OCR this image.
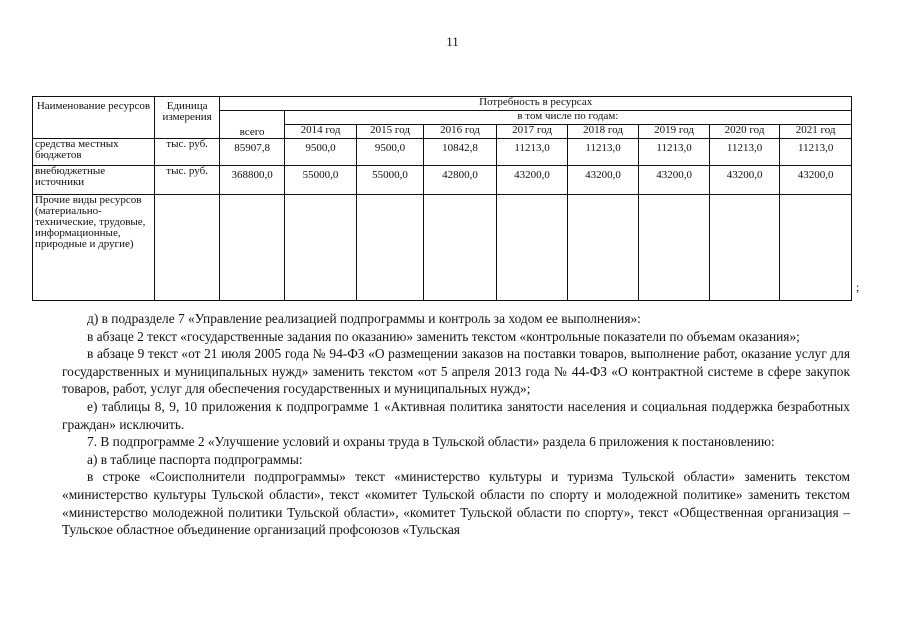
11
Наименование ресурсов	Единица измерения	Потребность в ресурсах								
		всего	в том числе по годам:							
			2014 год	2015 год	2016 год	2017 год	2018 год	2019 год	2020 год	2021 год
средства местных бюджетов	тыс. руб.	85907,8	9500,0	9500,0	10842,8	11213,0	11213,0	11213,0	11213,0	11213,0
внебюджетные источники	тыс. руб.	368800,0	55000,0	55000,0	42800,0	43200,0	43200,0	43200,0	43200,0	43200,0
Прочие виды ресурсов (материально-технические, трудовые, информационные, природные и другие)										
;

д) в подразделе 7 «Управление реализацией подпрограммы и контроль за ходом ее выполнения»:

в абзаце 2 текст «государственные задания по оказанию» заменить текстом «контрольные показатели по объемам оказания»;

в абзаце 9 текст «от 21 июля 2005 года № 94-ФЗ «О размещении заказов на поставки товаров, выполнение работ, оказание услуг для государственных и муниципальных нужд» заменить текстом «от 5 апреля 2013 года № 44-ФЗ «О контрактной системе в сфере закупок товаров, работ, услуг для обеспечения государственных и муниципальных нужд»;

е) таблицы 8, 9, 10 приложения к подпрограмме 1 «Активная политика занятости населения и социальная поддержка безработных граждан» исключить.

7. В подпрограмме 2 «Улучшение условий и охраны труда в Тульской области» раздела 6 приложения к постановлению:

а) в таблице паспорта подпрограммы:

в строке «Соисполнители подпрограммы» текст «министерство культуры и туризма Тульской области» заменить текстом «министерство культуры Тульской области», текст «комитет Тульской области по спорту и молодежной политике» заменить текстом «министерство молодежной политики Тульской области», «комитет Тульской области по спорту», текст «Общественная организация – Тульское областное объединение организаций профсоюзов «Тульская
